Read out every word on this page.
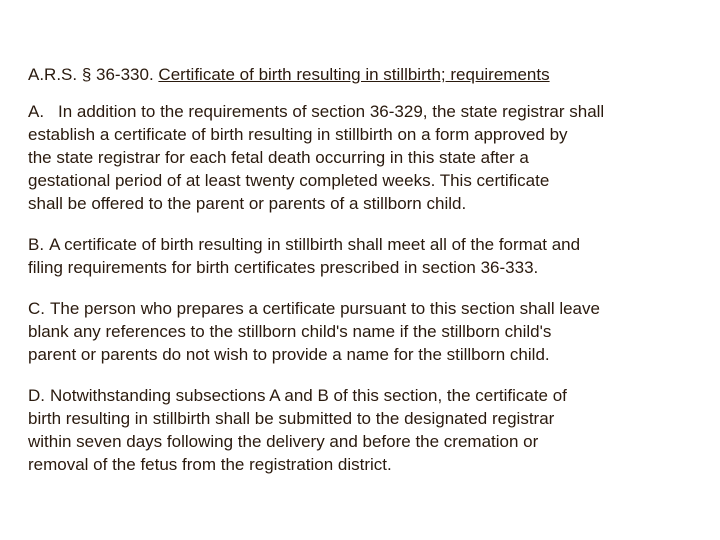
A.R.S. § 36-330. Certificate of birth resulting in stillbirth; requirements
A. In addition to the requirements of section 36-329, the state registrar shall
establish a certificate of birth resulting in stillbirth on a form approved by
the state registrar for each fetal death occurring in this state after a
gestational period of at least twenty completed weeks. This certificate
shall be offered to the parent or parents of a stillborn child.
B. A certificate of birth resulting in stillbirth shall meet all of the format and
filing requirements for birth certificates prescribed in section 36-333.
C. The person who prepares a certificate pursuant to this section shall leave
blank any references to the stillborn child's name if the stillborn child's
parent or parents do not wish to provide a name for the stillborn child.
D. Notwithstanding subsections A and B of this section, the certificate of
birth resulting in stillbirth shall be submitted to the designated registrar
within seven days following the delivery and before the cremation or
removal of the fetus from the registration district.
